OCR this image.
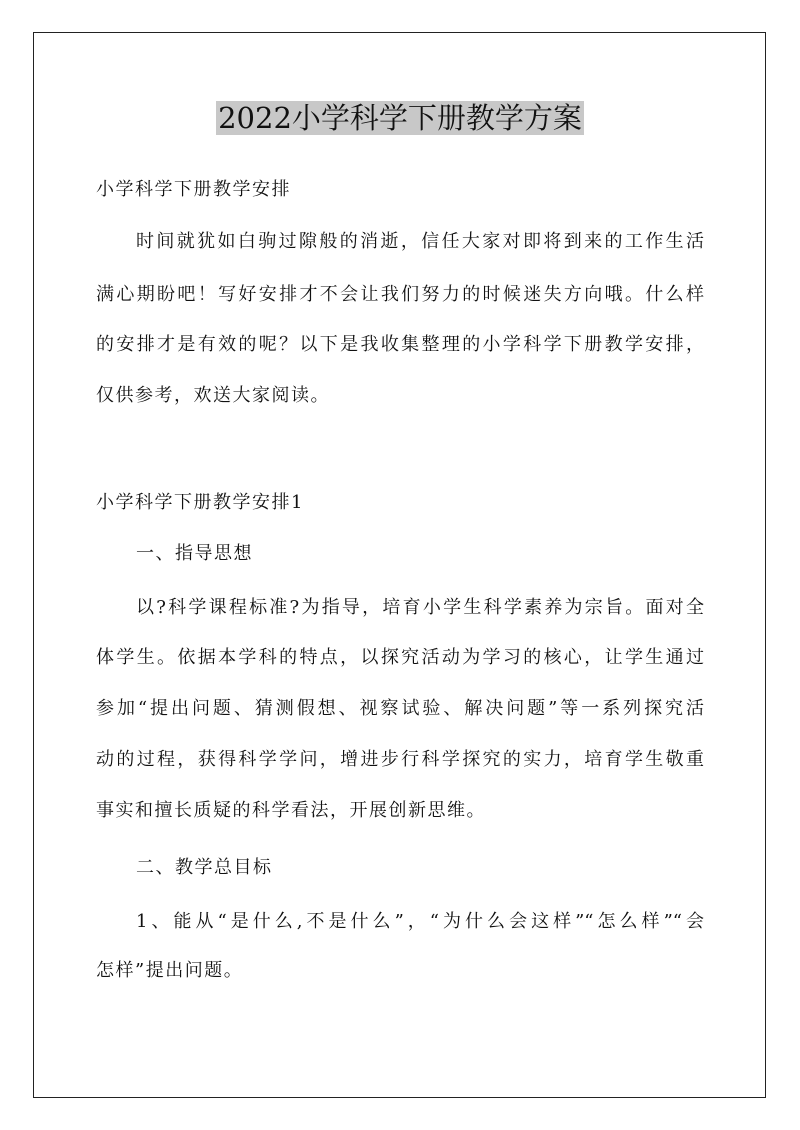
2022小学科学下册教学方案

小学科学下册教学安排

时间就犹如白驹过隙般的消逝，信任大家对即将到来的工作生活

满心期盼吧！写好安排才不会让我们努力的时候迷失方向哦。什么样

的安排才是有效的呢？以下是我收集整理的小学科学下册教学安排，

仅供参考，欢送大家阅读。

小学科学下册教学安排1

一、指导思想

以?科学课程标准?为指导，培育小学生科学素养为宗旨。面对全

体学生。依据本学科的特点，以探究活动为学习的核心，让学生通过

参加“提出问题、猜测假想、视察试验、解决问题”等一系列探究活

动的过程，获得科学学问，增进步行科学探究的实力，培育学生敬重

事实和擅长质疑的科学看法，开展创新思维。

二、教学总目标

1、能从“是什么,不是什么”，“为什么会这样”“怎么样”“会

怎样”提出问题。
